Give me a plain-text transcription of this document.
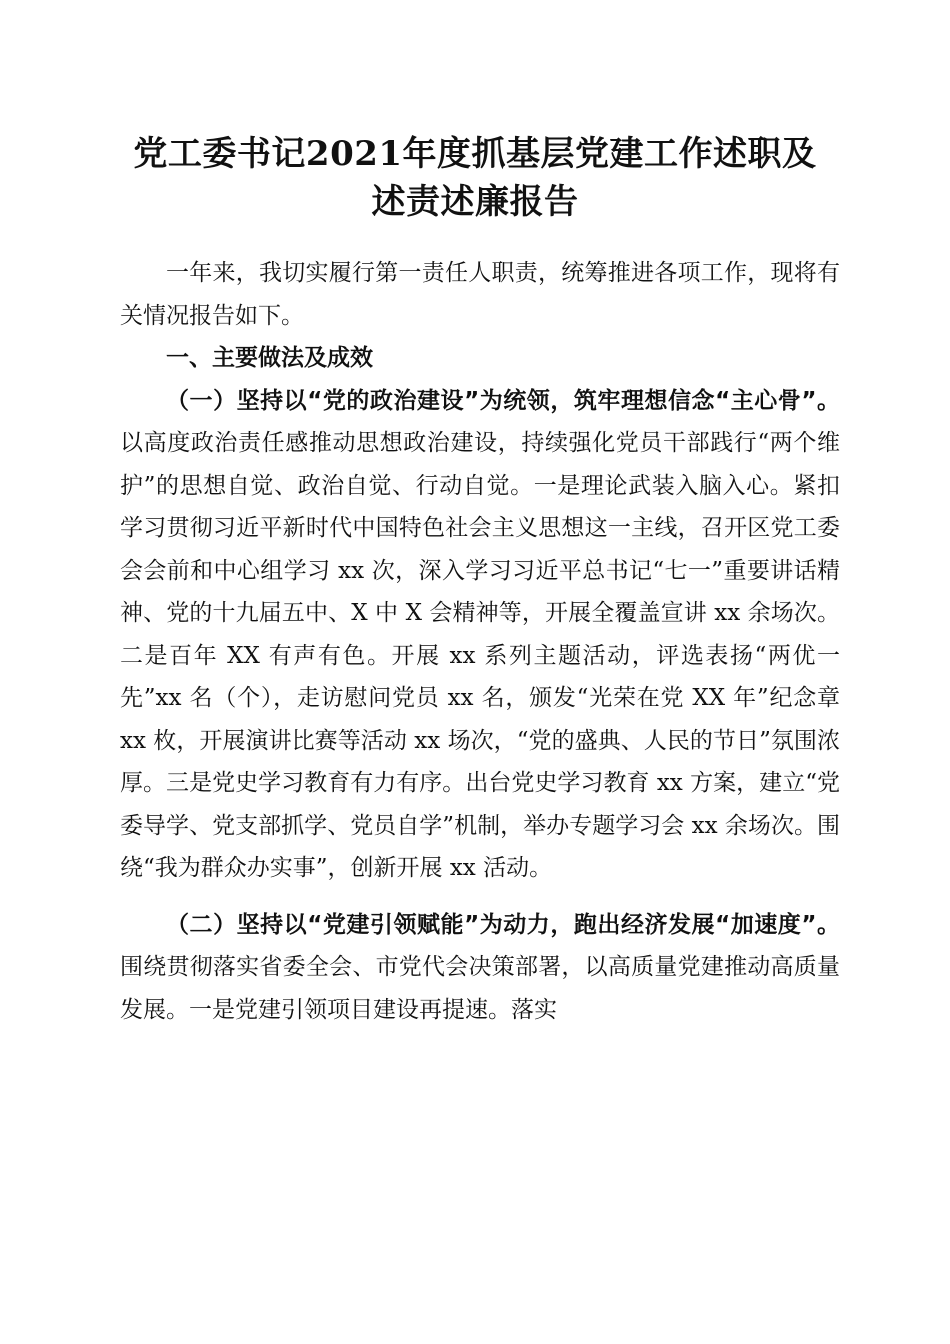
党工委书记2021年度抓基层党建工作述职及
述责述廉报告

一年来，我切实履行第一责任人职责，统筹推进各项工作，现将有关情况报告如下。

一、主要做法及成效

（一）坚持以“党的政治建设”为统领，筑牢理想信念“主心骨”。以高度政治责任感推动思想政治建设，持续强化党员干部践行“两个维护”的思想自觉、政治自觉、行动自觉。一是理论武装入脑入心。紧扣学习贯彻习近平新时代中国特色社会主义思想这一主线，召开区党工委会会前和中心组学习 xx 次，深入学习习近平总书记“七一”重要讲话精神、党的十九届五中、X 中 X 会精神等，开展全覆盖宣讲 xx 余场次。二是百年 XX 有声有色。开展 xx 系列主题活动，评选表扬“两优一先”xx 名（个），走访慰问党员 xx 名，颁发“光荣在党 XX 年”纪念章 xx 枚，开展演讲比赛等活动 xx 场次，“党的盛典、人民的节日”氛围浓厚。三是党史学习教育有力有序。出台党史学习教育 xx 方案，建立“党委导学、党支部抓学、党员自学”机制，举办专题学习会 xx 余场次。围绕“我为群众办实事”，创新开展 xx 活动。

（二）坚持以“党建引领赋能”为动力，跑出经济发展“加速度”。围绕贯彻落实省委全会、市党代会决策部署，以高质量党建推动高质量发展。一是党建引领项目建设再提速。落实
